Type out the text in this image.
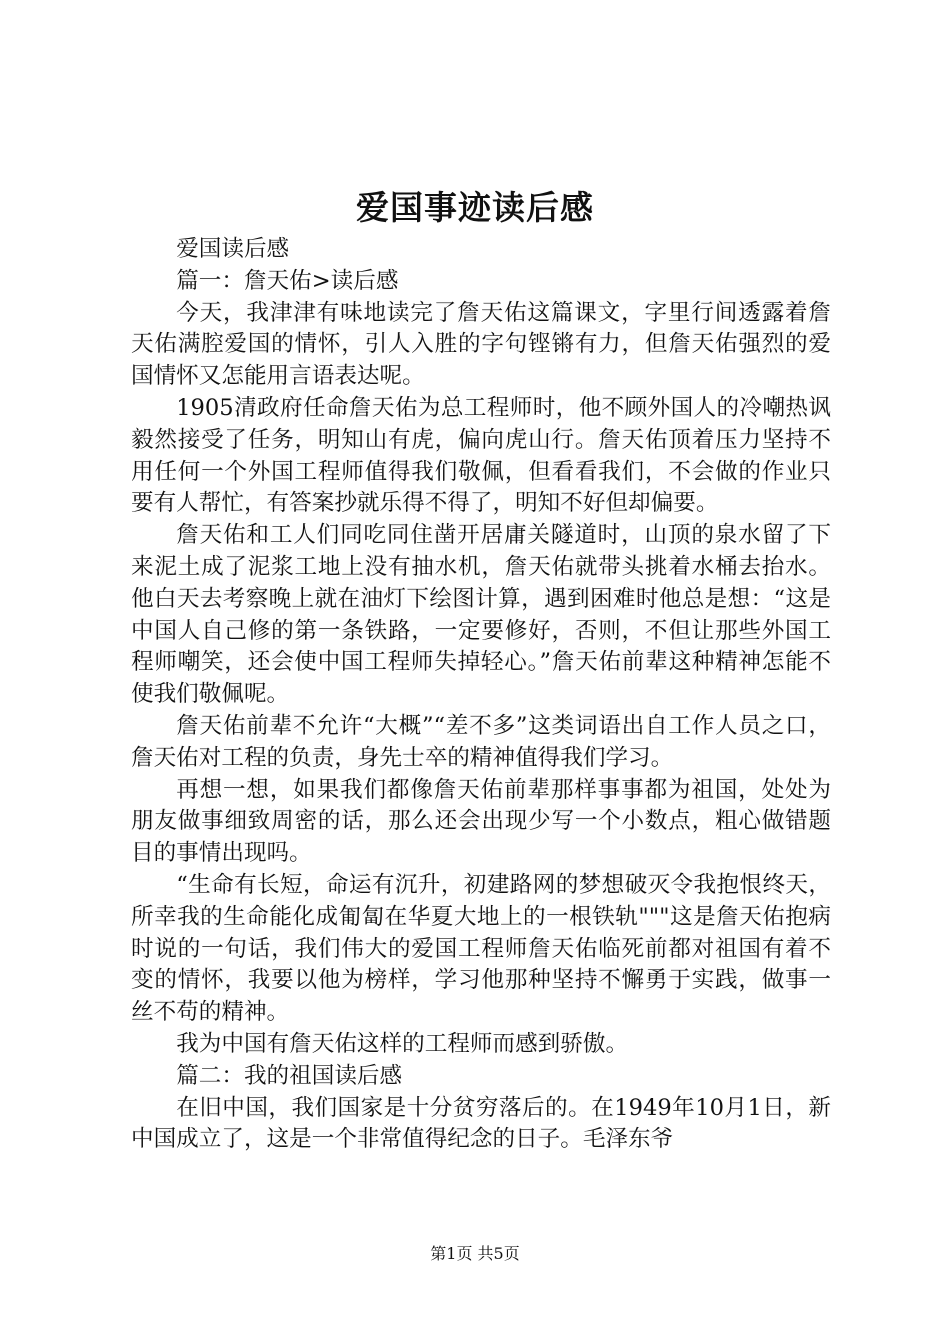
爱国事迹读后感

爱国读后感

篇一：詹天佑>读后感

今天，我津津有味地读完了詹天佑这篇课文，字里行间透露着詹天佑满腔爱国的情怀，引人入胜的字句铿锵有力，但詹天佑强烈的爱国情怀又怎能用言语表达呢。

1905清政府任命詹天佑为总工程师时，他不顾外国人的冷嘲热讽毅然接受了任务，明知山有虎，偏向虎山行。詹天佑顶着压力坚持不用任何一个外国工程师值得我们敬佩，但看看我们，不会做的作业只要有人帮忙，有答案抄就乐得不得了，明知不好但却偏要。

詹天佑和工人们同吃同住凿开居庸关隧道时，山顶的泉水留了下来泥土成了泥浆工地上没有抽水机，詹天佑就带头挑着水桶去抬水。他白天去考察晚上就在油灯下绘图计算，遇到困难时他总是想：“这是中国人自己修的第一条铁路，一定要修好，否则，不但让那些外国工程师嘲笑，还会使中国工程师失掉轻心。”詹天佑前辈这种精神怎能不使我们敬佩呢。

詹天佑前辈不允许“大概”“差不多”这类词语出自工作人员之口，詹天佑对工程的负责，身先士卒的精神值得我们学习。

再想一想，如果我们都像詹天佑前辈那样事事都为祖国，处处为朋友做事细致周密的话，那么还会出现少写一个小数点，粗心做错题目的事情出现吗。

“生命有长短，命运有沉升，初建路网的梦想破灭令我抱恨终天，所幸我的生命能化成匍匐在华夏大地上的一根铁轨"""这是詹天佑抱病时说的一句话，我们伟大的爱国工程师詹天佑临死前都对祖国有着不变的情怀，我要以他为榜样，学习他那种坚持不懈勇于实践，做事一丝不苟的精神。

我为中国有詹天佑这样的工程师而感到骄傲。

篇二：我的祖国读后感

在旧中国，我们国家是十分贫穷落后的。在1949年10月1日，新中国成立了，这是一个非常值得纪念的日子。毛泽东爷

第1页 共5页
